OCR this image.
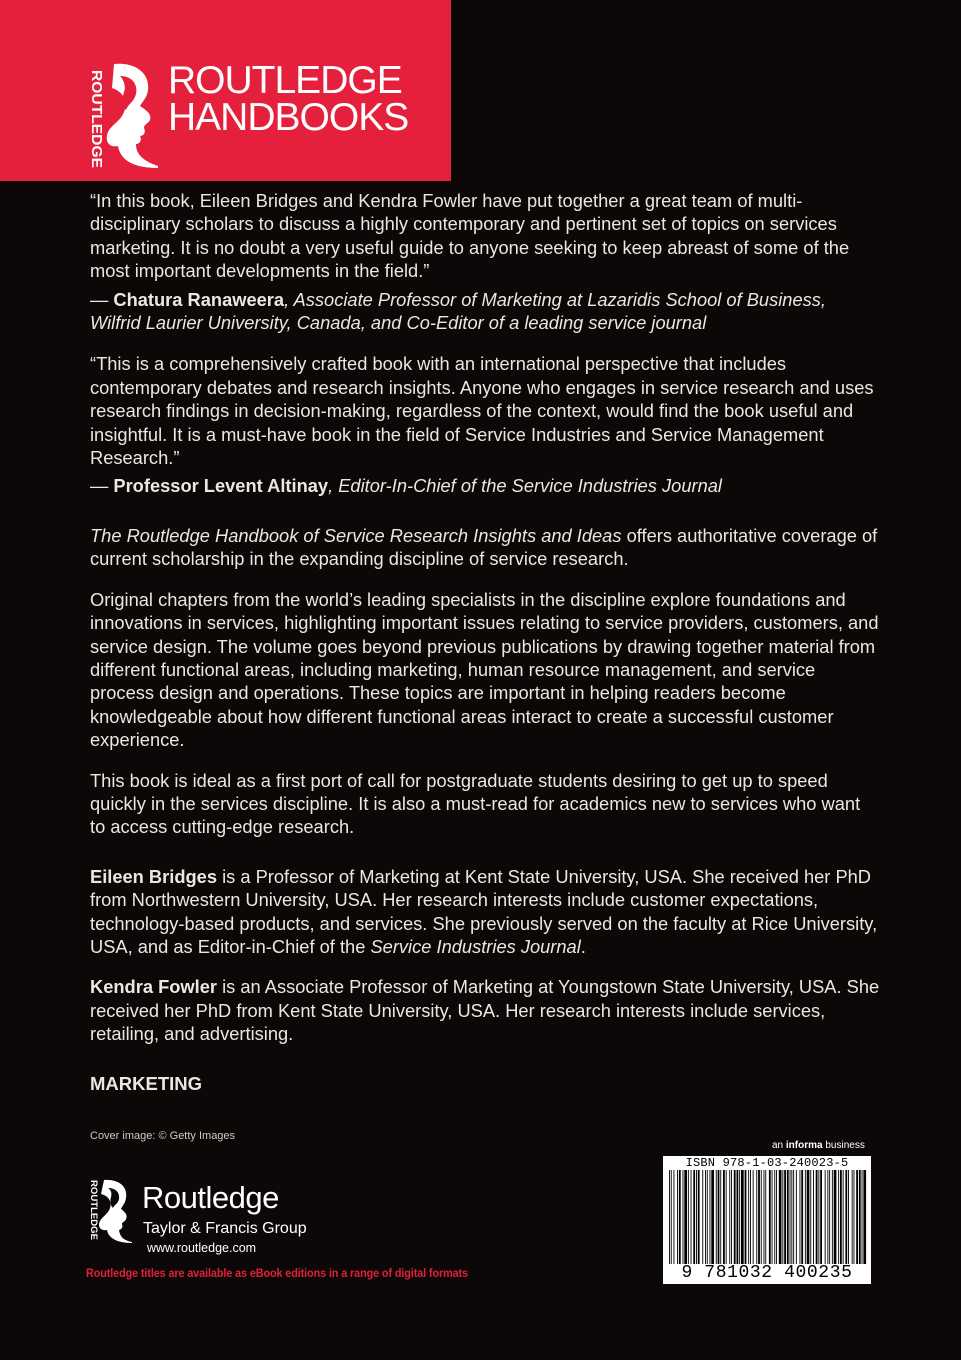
ROUTLEDGE ROUTLEDGE
HANDBOOKS

“In this book, Eileen Bridges and Kendra Fowler have put together a great team of multi-disciplinary scholars to discuss a highly contemporary and pertinent set of topics on services marketing. It is no doubt a very useful guide to anyone seeking to keep abreast of some of the most important developments in the field.”

— Chatura Ranaweera, Associate Professor of Marketing at Lazaridis School of Business, Wilfrid Laurier University, Canada, and Co-Editor of a leading service journal

“This is a comprehensively crafted book with an international perspective that includes contemporary debates and research insights. Anyone who engages in service research and uses research findings in decision-making, regardless of the context, would find the book useful and insightful. It is a must-have book in the field of Service Industries and Service Management Research.”

— Professor Levent Altinay, Editor-In-Chief of the Service Industries Journal

The Routledge Handbook of Service Research Insights and Ideas offers authoritative coverage of current scholarship in the expanding discipline of service research.

Original chapters from the world’s leading specialists in the discipline explore foundations and innovations in services, highlighting important issues relating to service providers, customers, and service design. The volume goes beyond previous publications by drawing together material from different functional areas, including marketing, human resource management, and service process design and operations. These topics are important in helping readers become knowledgeable about how different functional areas interact to create a successful customer experience.

This book is ideal as a first port of call for postgraduate students desiring to get up to speed quickly in the services discipline. It is also a must-read for academics new to services who want to access cutting-edge research.

Eileen Bridges is a Professor of Marketing at Kent State University, USA. She received her PhD from Northwestern University, USA. Her research interests include customer expectations, technology-based products, and services. She previously served on the faculty at Rice University, USA, and as Editor-in-Chief of the Service Industries Journal.

Kendra Fowler is an Associate Professor of Marketing at Youngstown State University, USA. She received her PhD from Kent State University, USA. Her research interests include services, retailing, and advertising.

MARKETING

Cover image: © Getty Images
ROUTLEDGE Routledge
Taylor & Francis Group
www.routledge.com
Routledge titles are available as eBook editions in a range of digital formats
an informa business
ISBN 978-1-03-240023-5
9 781032 400235
